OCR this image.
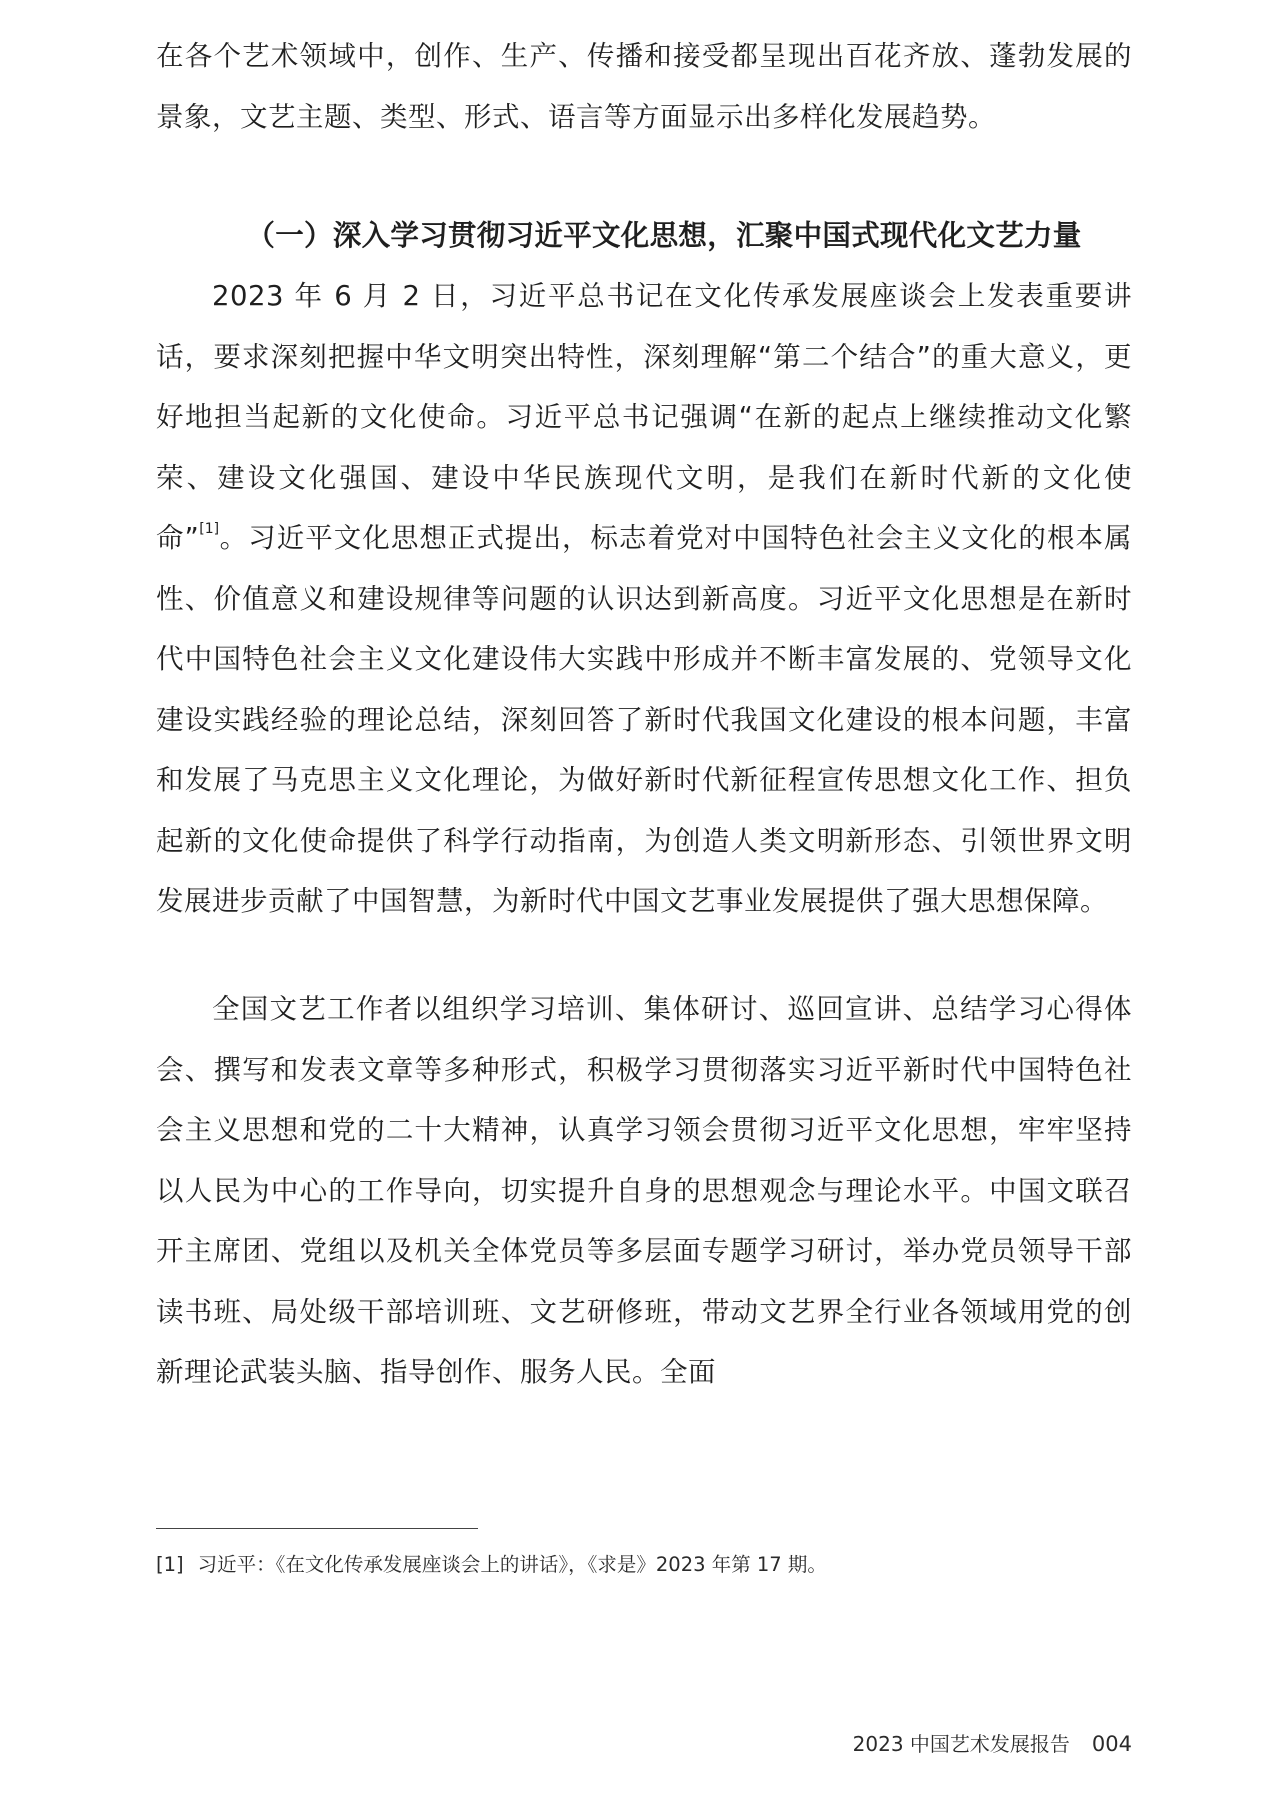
在各个艺术领域中，创作、生产、传播和接受都呈现出百花齐放、蓬勃发展的景象，文艺主题、类型、形式、语言等方面显示出多样化发展趋势。

（一）深入学习贯彻习近平文化思想，汇聚中国式现代化文艺力量

2023 年 6 月 2 日，习近平总书记在文化传承发展座谈会上发表重要讲话，要求深刻把握中华文明突出特性，深刻理解“第二个结合”的重大意义，更好地担当起新的文化使命。习近平总书记强调“在新的起点上继续推动文化繁荣、建设文化强国、建设中华民族现代文明，是我们在新时代新的文化使命”[1]。习近平文化思想正式提出，标志着党对中国特色社会主义文化的根本属性、价值意义和建设规律等问题的认识达到新高度。习近平文化思想是在新时代中国特色社会主义文化建设伟大实践中形成并不断丰富发展的、党领导文化建设实践经验的理论总结，深刻回答了新时代我国文化建设的根本问题，丰富和发展了马克思主义文化理论，为做好新时代新征程宣传思想文化工作、担负起新的文化使命提供了科学行动指南，为创造人类文明新形态、引领世界文明发展进步贡献了中国智慧，为新时代中国文艺事业发展提供了强大思想保障。

全国文艺工作者以组织学习培训、集体研讨、巡回宣讲、总结学习心得体会、撰写和发表文章等多种形式，积极学习贯彻落实习近平新时代中国特色社会主义思想和党的二十大精神，认真学习领会贯彻习近平文化思想，牢牢坚持以人民为中心的工作导向，切实提升自身的思想观念与理论水平。中国文联召开主席团、党组以及机关全体党员等多层面专题学习研讨，举办党员领导干部读书班、局处级干部培训班、文艺研修班，带动文艺界全行业各领域用党的创新理论武装头脑、指导创作、服务人民。全面

[1] 习近平：《在文化传承发展座谈会上的讲话》，《求是》2023 年第 17 期。

2023 中国艺术发展报告 004
